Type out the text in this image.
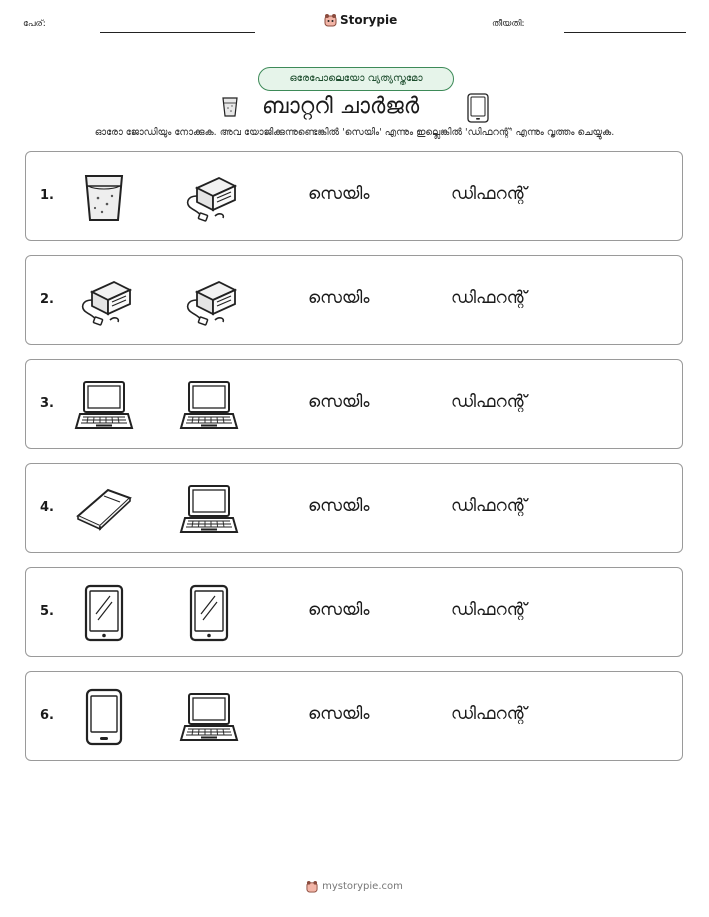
പേര്:	Storypie	തീയതി:
ഒരേപോലെയോ വ്യത്യസ്തമോ
ബാറ്ററി ചാർജർ
ഓരോ ജോഡിയും നോക്കുക. അവ യോജിക്കുന്നുണ്ടെങ്കിൽ 'സെയിം' എന്നും ഇല്ലെങ്കിൽ 'ഡിഫറന്റ്' എന്നും വൃത്തം ചെയ്യുക.
1.	സെയിം	ഡിഫറന്റ്
2.	സെയിം	ഡിഫറന്റ്
3.	സെയിം	ഡിഫറന്റ്
4.	സെയിം	ഡിഫറന്റ്
5.	സെയിം	ഡിഫറന്റ്
6.	സെയിം	ഡിഫറന്റ്
mystorypie.com
